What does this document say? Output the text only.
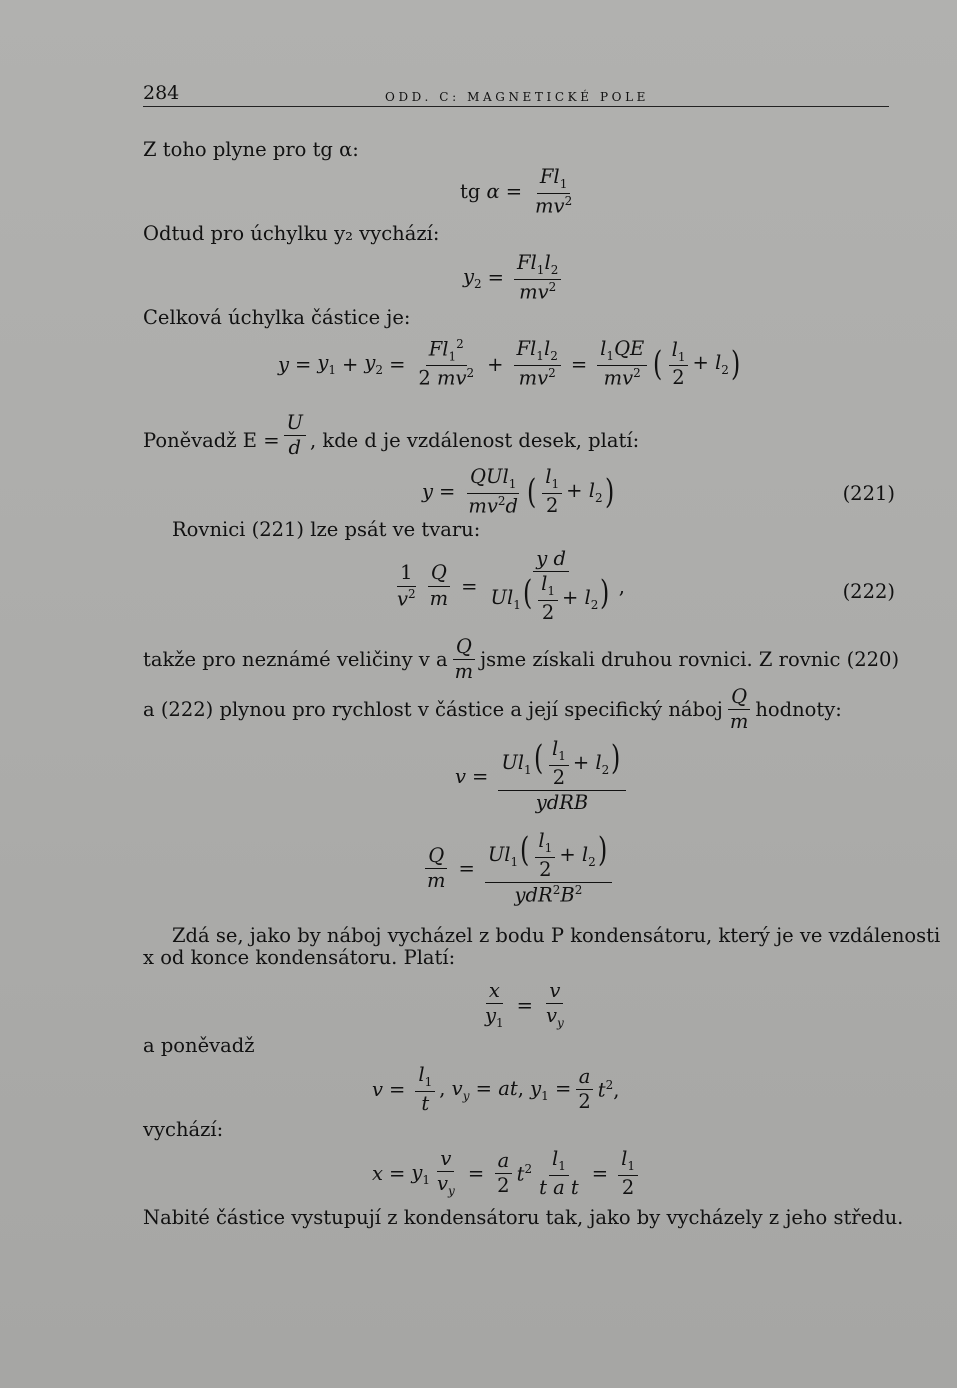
284	ODD. C: MAGNETICKÉ POLE
Z toho plyne pro tg α:
tg $\alpha = \frac{Fl_1}{mv^2}$
Odtud pro úchylku y₂ vychází:
$y_2 = \frac{Fl_1l_2}{mv^2}$
Celková úchylka částice je:
$y = y_1 + y_2 = \frac{Fl_1^2}{2 mv^2} + \frac{Fl_1l_2}{mv^2} = \frac{l_1QE}{mv^2}$ ( $\frac{l_1}{2} + l_2$ )
Poněvadž $E = \frac{U}{d}$ , kde d je vzdálenost desek, platí:
$y = \frac{QUl_1}{mv^2d}$ ( $\frac{l_1}{2} + l_2$ )	(221)
Rovnici (221) lze psát ve tvaru:
$\frac{1}{v^2} \frac{Q}{m} = \frac{\text{y d}}{Ul_1( \frac{l_1}{2} + l_2)}$ ,	(222)
takže pro neznámé veličiny v a $\frac{Q}{m}$ jsme získali druhou rovnici. Z rovnic (220)
a (222) plynou pro rychlost v částice a její specifický náboj $\frac{Q}{m}$ hodnoty:
$v = \frac{Ul_1( \frac{l_1}{2} + l_2)}{\text{ydRB}}$
$\frac{Q}{m} = \frac{Ul_1( \frac{l_1}{2} + l_2)}{ydR^2B^2}$
Zdá se, jako by náboj vycházel z bodu P kondensátoru, který je ve vzdálenosti
x od konce kondensátoru. Platí:
$\frac{x}{y_1} = \frac{v}{v_y}$
a poněvadž
$v = \frac{l_1}{t}$ , $v_y$ = at, $y_1 = \frac{a}{2} t^2$,
vychází:
$x = y_1 \frac{v}{v_y} = \frac{a}{2} t^2 \frac{l_1}{\text{t a t}} = \frac{l_1}{2}$
Nabité částice vystupují z kondensátoru tak, jako by vycházely z jeho středu.
